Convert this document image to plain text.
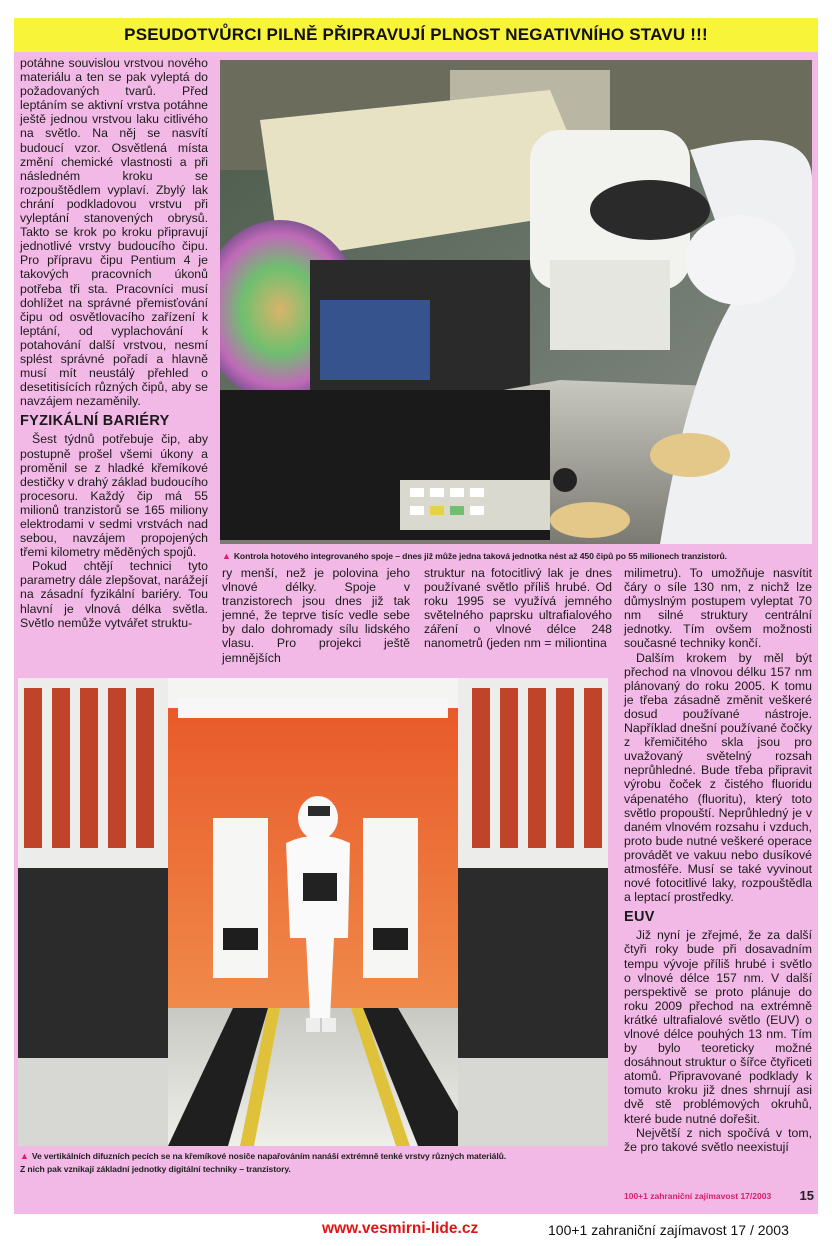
PSEUDOTVŮRCI PILNĚ PŘIPRAVUJÍ PLNOST NEGATIVNÍHO STAVU !!!

potáhne souvislou vrstvou nového materiálu a ten se pak vyleptá do požadovaných tvarů. Před leptáním se aktivní vrstva potáhne ještě jednou vrstvou laku citlivého na světlo. Na něj se nasvítí budoucí vzor. Osvětlená místa změní chemické vlastnosti a při následném kroku se rozpouštědlem vyplaví. Zbylý lak chrání podkladovou vrstvu při vyleptání stanovených obrysů. Takto se krok po kroku připravují jednotlivé vrstvy budoucího čipu. Pro přípravu čipu Pentium 4 je takových pracovních úkonů potřeba tři sta. Pracovníci musí dohlížet na správné přemisťování čipu od osvětlovacího zařízení k leptání, od vyplachování k potahování další vrstvou, nesmí splést správné pořadí a hlavně musí mít neustálý přehled o desetitisících různých čipů, aby se navzájem nezaměnily.

FYZIKÁLNÍ BARIÉRY

Šest týdnů potřebuje čip, aby postupně prošel všemi úkony a proměnil se z hladké křemíkové destičky v drahý základ budoucího procesoru. Každý čip má 55 milionů tranzistorů se 165 miliony elektrodami v sedmi vrstvách nad sebou, navzájem propojených třemi kilometry měděných spojů.

Pokud chtějí technici tyto parametry dále zlepšovat, narážejí na zásadní fyzikální bariéry. Tou hlavní je vlnová délka světla. Světlo nemůže vytvářet struktu-

▲ Kontrola hotového integrovaného spoje – dnes již může jedna taková jednotka nést až 450 čipů po 55 milionech tranzistorů.

ry menší, než je polovina jeho vlnové délky. Spoje v tranzistorech jsou dnes již tak jemné, že teprve tisíc vedle sebe by dalo dohromady sílu lidského vlasu. Pro projekci ještě jemnějších

struktur na fotocitlivý lak je dnes používané světlo příliš hrubé. Od roku 1995 se využívá jemného světelného paprsku ultrafialového záření o vlnové délce 248 nanometrů (jeden nm = miliontina

milimetru). To umožňuje nasvítit čáry o síle 130 nm, z nichž lze důmyslným postupem vyleptat 70 nm silné struktury centrální jednotky. Tím ovšem možnosti současné techniky končí.

Dalším krokem by měl být přechod na vlnovou délku 157 nm plánovaný do roku 2005. K tomu je třeba zásadně změnit veškeré dosud používané nástroje. Například dnešní používané čočky z křemičitého skla jsou pro uvažovaný světelný rozsah neprůhledné. Bude třeba připravit výrobu čoček z čistého fluoridu vápenatého (fluoritu), který toto světlo propouští. Neprůhledný je v daném vlnovém rozsahu i vzduch, proto bude nutné veškeré operace provádět ve vakuu nebo dusíkové atmosféře. Musí se také vyvinout nové fotocitlivé laky, rozpouštědla a leptací prostředky.

EUV

Již nyní je zřejmé, že za další čtyři roky bude při dosavadním tempu vývoje příliš hrubé i světlo o vlnové délce 157 nm. V další perspektivě se proto plánuje do roku 2009 přechod na extrémně krátké ultrafialové světlo (EUV) o vlnové délce pouhých 13 nm. Tím by bylo teoreticky možné dosáhnout struktur o šířce čtyřiceti atomů. Připravované podklady k tomuto kroku již dnes shrnují asi dvě stě problémových okruhů, které bude nutné dořešit.

Největší z nich spočívá v tom, že pro takové světlo neexistují

▲ Ve vertikálních difuzních pecích se na křemíkové nosiče napařováním nanáší extrémně tenké vrstvy různých materiálů.
Z nich pak vznikají základní jednotky digitální techniky – tranzistory.
100+1 zahraniční zajímavost 17/2003 15
www.vesmirni-lide.cz	100+1 zahraniční zajímavost 17 / 2003
